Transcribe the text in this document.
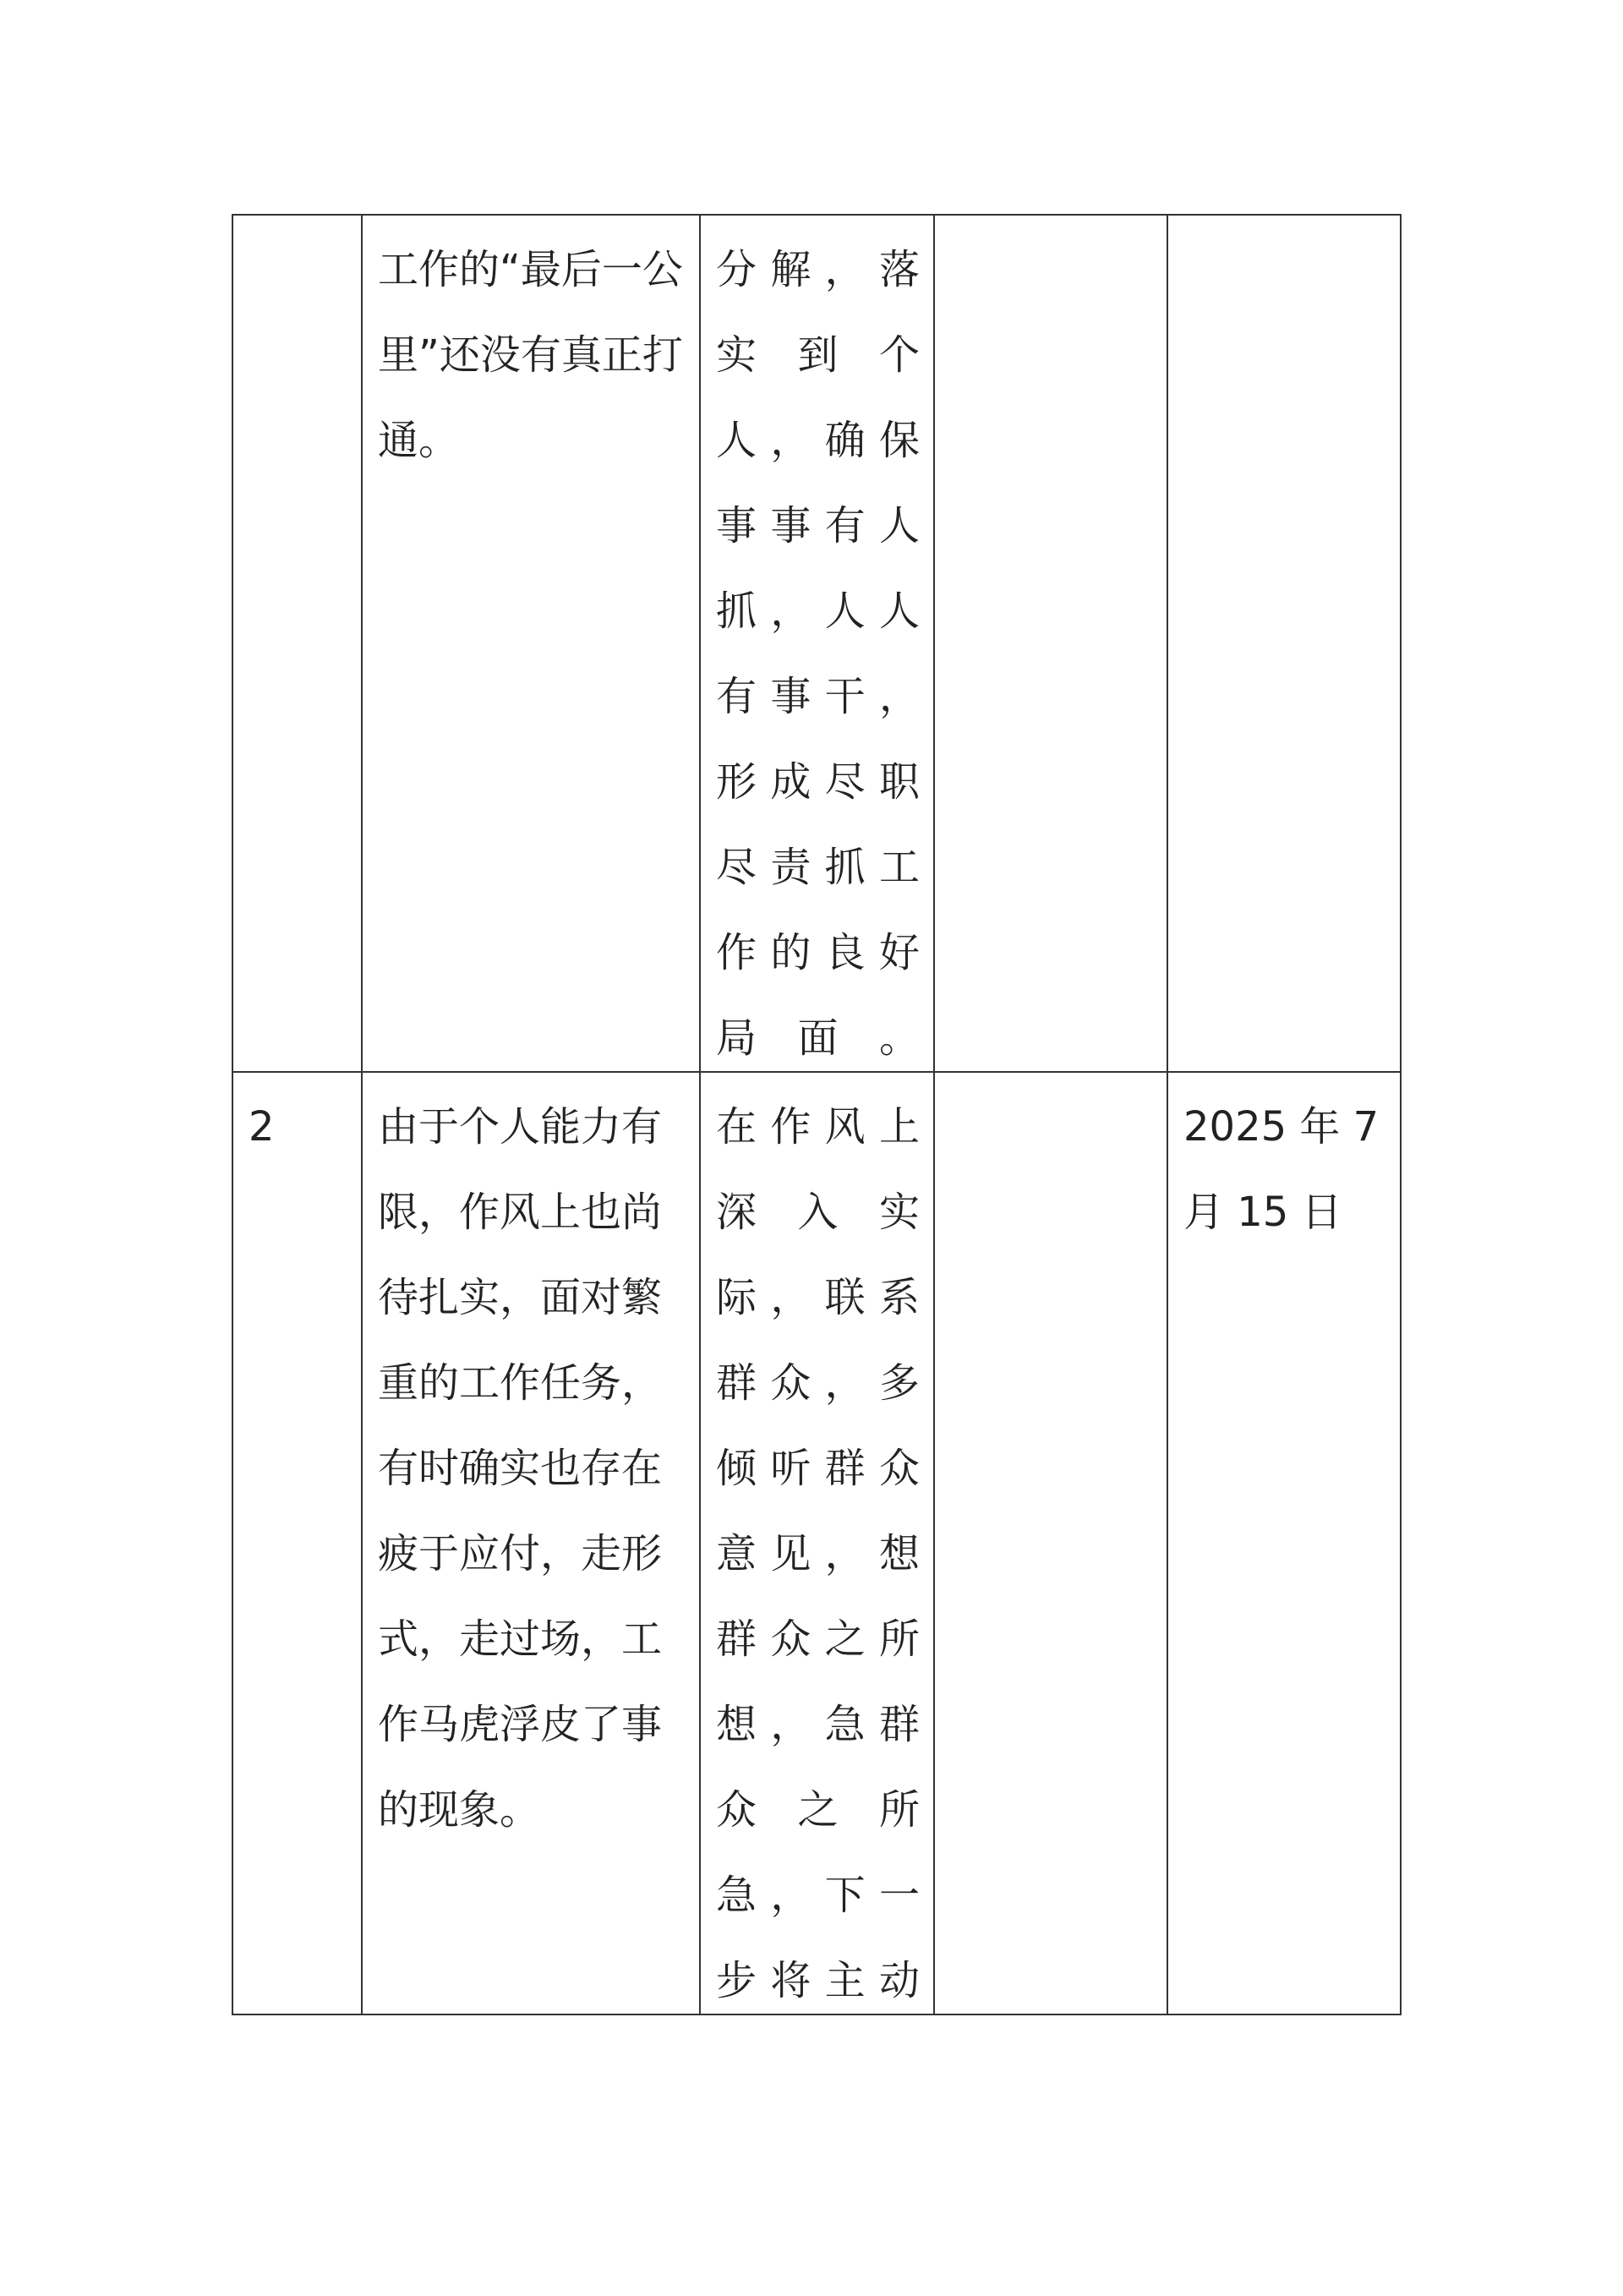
	工作的“最后一公里”还没有真正打通。	分解，落实到个人，确保事事有人抓，人人有事干，形成尽职尽责抓工作的良好局面。		

2	由于个人能力有限，作风上也尚待扎实，面对繁重的工作任务，有时确实也存在疲于应付，走形式，走过场，工作马虎浮皮了事的现象。	在作风上深入实际，联系群众，多倾听群众意见，想群众之所想，急群众之所急，下一步将主动		2025 年 7 月 15 日
